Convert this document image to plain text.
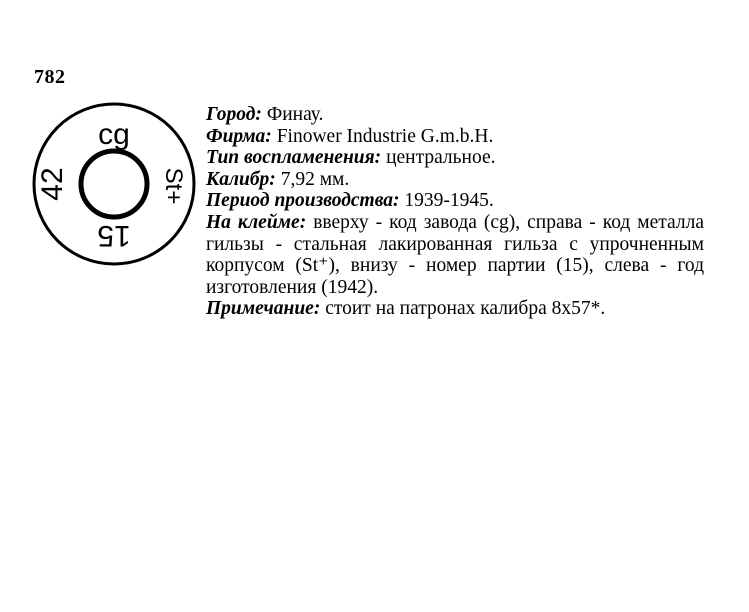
782
cg
St+
15
42

Город: Финау.

Фирма: Finower Industrie G.m.b.H.

Тип воспламенения: центральное.

Калибр: 7,92 мм.

Период производства: 1939-1945.

На клейме: вверху - код завода (cg), справа - код металла гильзы - стальная лакированная гильза с упрочненным корпусом (St⁺), внизу - номер партии (15), слева - год изготовления (1942).

Примечание: стоит на патронах калибра 8x57*.
